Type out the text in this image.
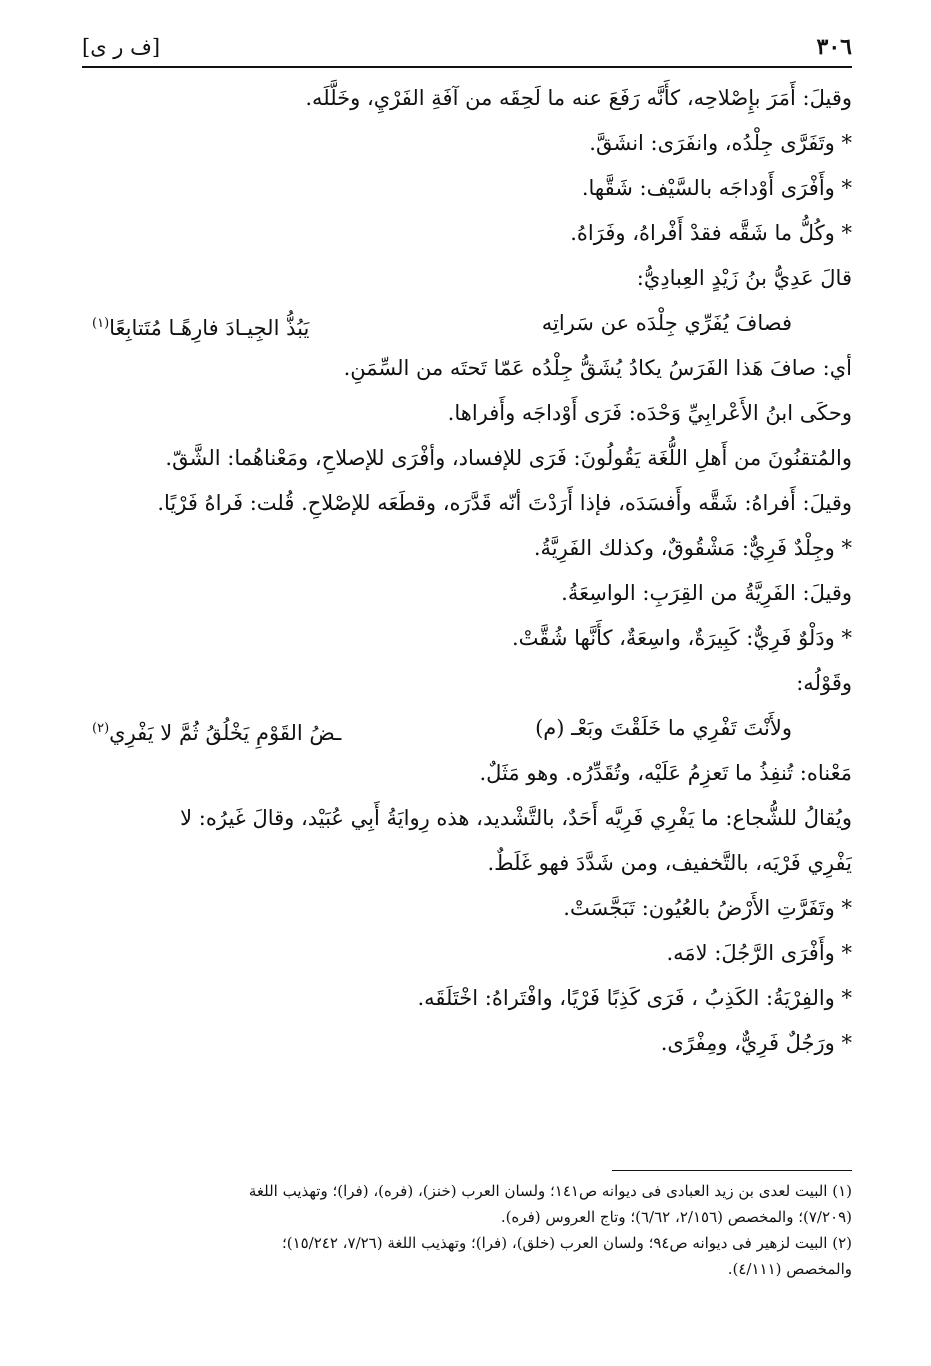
[ف ر ى]	٣٠٦
وقيلَ: أَمَرَ بإِصْلاحِه، كأَنَّه رَفَعَ عنه ما لَحِقَه من آفَةِ الفَرْيِ، وخَلَّلَه.
* وتَفَرَّى جِلْدُه، وانفَرَى: انشَقَّ.
* وأَفْرَى أَوْداجَه بالسَّيْف: شَقَّها.
* وكُلُّ ما شَقَّه فقدْ أَفْراهُ، وفَرَاهُ.
قالَ عَدِيُّ بنُ زَيْدٍ العِبادِيُّ:
فصافَ يُفَرِّي جِلْدَه عن سَراتِه
يَبُذُّ الجِيـادَ فارِهًـا مُتَتابِعًا$^{(١)}$
أي: صافَ هَذا الفَرَسُ يكادُ يُشَقُّ جِلْدُه عَمّا تَحتَه من السِّمَنِ.
وحكَى ابنُ الأَعْرابِيِّ وَحْدَه: فَرَى أَوْداجَه وأَفراها.
والمُتقنُونَ من أَهلِ اللُّغَة يَقُولُونَ: فَرَى للإفساد، وأفْرَى للإصلاحِ، ومَعْناهُما: الشَّقّ.
وقيلَ: أَفراهُ: شَقَّه وأَفسَدَه، فإذا أَرَدْتَ أنّه قَدَّرَه، وقطَعَه للإصْلاحِ. قُلت: فَراهُ فَرْيًا.
* وجِلْدٌ فَرِيٌّ: مَشْقُوقٌ، وكذلك الفَرِيَّةُ.
وقيلَ: الفَرِيَّةُ من القِرَبِ: الواسِعَةُ.
* ودَلْوٌ فَرِيٌّ: كَبِيرَةٌ، واسِعَةٌ، كأَنَّها شُقَّتْ.
وقَوْلُه:
ولأَنْتَ تَفْرِي ما خَلَقْتَ وبَعْـ (م)
ـضُ القَوْمِ يَخْلُقُ ثُمَّ لا يَفْرِي$^{(٢)}$
مَعْناه: تُنفِذُ ما تَعزِمُ عَلَيْه، وتُقَدِّرُه. وهو مَثَلٌ.
ويُقالُ للشُّجاع: ما يَفْرِي فَرِيَّه أَحَدٌ، بالتَّشْديد، هذه رِوايَةُ أَبِي عُبَيْد، وقالَ غَيرُه: لا
يَفْرِي فَرْيَه، بالتَّخفيف، ومن شَدَّدَ فهو غَلَطٌ.
* وتَفَرَّتِ الأَرْضُ بالعُيُون: تَبَجَّسَتْ.
* وأَفْرَى الرَّجُلَ: لامَه.
* والفِرْيَةُ: الكَذِبُ ، فَرَى كَذِبًا فَرْيًا، وافْتَراهُ: اخْتَلَقَه.
* ورَجُلٌ فَرِيٌّ، ومِفْرًى.
(١) البيت لعدى بن زيد العبادى فى ديوانه ص١٤١؛ ولسان العرب (خنز)، (فره)، (فرا)؛ وتهذيب اللغة
(٧/٢٠٩)؛ والمخصص (٢/١٥٦، ٦/٦٢)؛ وتاج العروس (فره).
(٢) البيت لزهير فى ديوانه ص٩٤؛ ولسان العرب (خلق)، (فرا)؛ وتهذيب اللغة (٧/٢٦، ١٥/٢٤٢)؛
والمخصص (٤/١١١).
